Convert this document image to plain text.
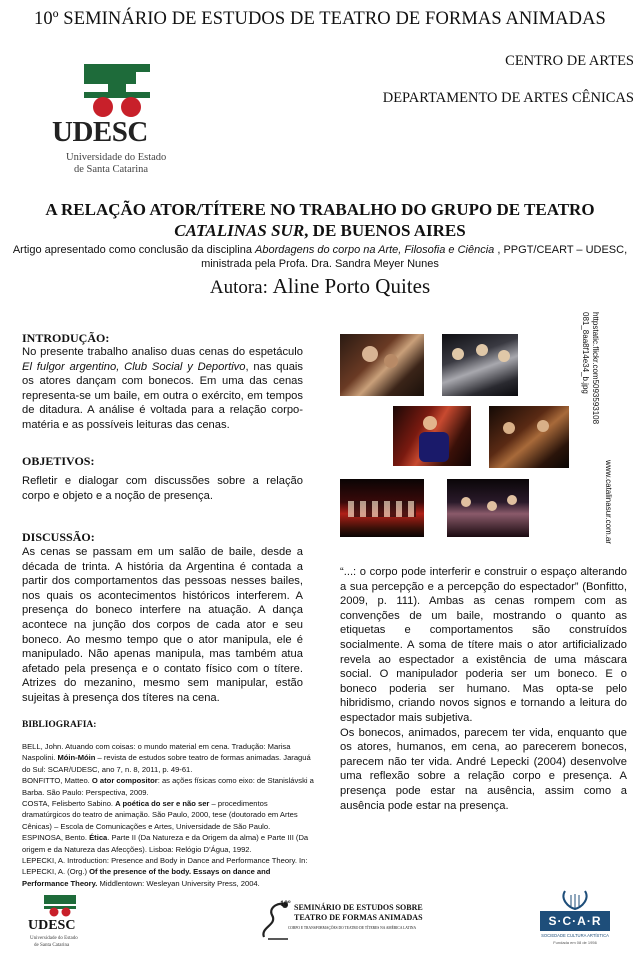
10º SEMINÁRIO DE ESTUDOS DE TEATRO DE FORMAS ANIMADAS
CENTRO DE ARTES
DEPARTAMENTO DE ARTES CÊNICAS
UDESC
Universidade do Estado
de Santa Catarina
A RELAÇÃO ATOR/TÍTERE NO TRABALHO DO GRUPO DE TEATRO
CATALINAS SUR, DE BUENOS AIRES
Artigo apresentado como conclusão da disciplina Abordagens do corpo na Arte, Filosofia e Ciência , PPGT/CEART – UDESC,
ministrada pela Profa. Dra. Sandra Meyer Nunes
Autora: Aline Porto Quites
INTRODUÇÃO:
No presente trabalho analiso duas cenas do espetáculo El fulgor argentino, Club Social y Deportivo, nas quais os atores dançam com bonecos. Em uma das cenas representa-se um baile, em outra o exército, em tempos de ditadura. A análise é voltada para a relação corpo-matéria e as possíveis leituras das cenas.
OBJETIVOS:
Refletir e dialogar com discussões sobre a relação corpo e objeto e a noção de presença.
DISCUSSÃO:
As cenas se passam em um salão de baile, desde a década de trinta. A história da Argentina é contada a partir dos comportamentos das pessoas nesses bailes, nos quais os acontecimentos históricos interferem. A presença do boneco interfere na atuação. A dança acontece na junção dos corpos de cada ator e seu boneco. Ao mesmo tempo que o ator manipula, ele é manipulado. Não apenas manipula, mas também atua afetado pela presença e o contato físico com o títere. Atrizes do mezanino, mesmo sem manipular, estão sujeitas à presença dos títeres na cena.
BIBLIOGRAFIA:

BELL, John. Atuando com coisas: o mundo material em cena. Tradução: Marisa Naspolini. Móin-Móin – revista de estudos sobre teatro de formas animadas. Jaraguá do Sul: SCAR/UDESC, ano 7, n. 8, 2011, p. 49-61.

BONFITTO, Matteo. O ator compositor: as ações físicas como eixo: de Stanislávski a Barba. São Paulo: Perspectiva, 2009.

COSTA, Felisberto Sabino. A poética do ser e não ser – procedimentos dramatúrgicos do teatro de animação. São Paulo, 2000, tese (doutorado em Artes Cênicas) – Escola de Comunicações e Artes, Universidade de São Paulo.

ESPINOSA, Bento. Ética. Parte II (Da Natureza e da Origem da alma) e Parte III (Da origem e da Natureza das Afecções). Lisboa: Relógio D’Água, 1992.

LEPECKI, A. Introduction: Presence and Body in Dance and Performance Theory. In: LEPECKI, A. (Org.) Of the presence of the body. Essays on dance and Performance Theory. Middlentown: Wesleyan University Press, 2004.

httpstatic.flickr.com5093593108 081_8aa8f14e34_b.jpg
www.catalinasur.com.ar
“...: o corpo pode interferir e construir o espaço alterando a sua percepção e a percepção do espectador” (Bonfitto, 2009, p. 111). Ambas as cenas rompem com as convenções de um baile, mostrando o quanto as etiquetas e comportamentos são construídos socialmente. A soma de títere mais o ator artificializado revela ao espectador a existência de uma máscara social. O manipulador poderia ser um boneco. E o boneco poderia ser humano. Mas opta-se pelo hibridismo, criando novos signos e tornando a leitura do espectador mais subjetiva.
Os bonecos, animados, parecem ter vida, enquanto que os atores, humanos, em cena, ao parecerem bonecos, parecem não ter vida. André Lepecki (2004) desenvolve uma reflexão sobre a relação corpo e presença. A presença pode estar na ausência, assim como a ausência pode estar na presença.
UDESC
Universidade do Estado
de Santa Catarina
10º SEMINÁRIO DE ESTUDOS SOBRE
TEATRO DE FORMAS ANIMADAS
CORPO E TRANSFORMAÇÕES DO TEATRO DE TÍTERES NA AMÉRICA LATINA	S·C·A·R
SOCIEDADE CULTURA ARTÍSTICA
Fundada em 08 de 1956
